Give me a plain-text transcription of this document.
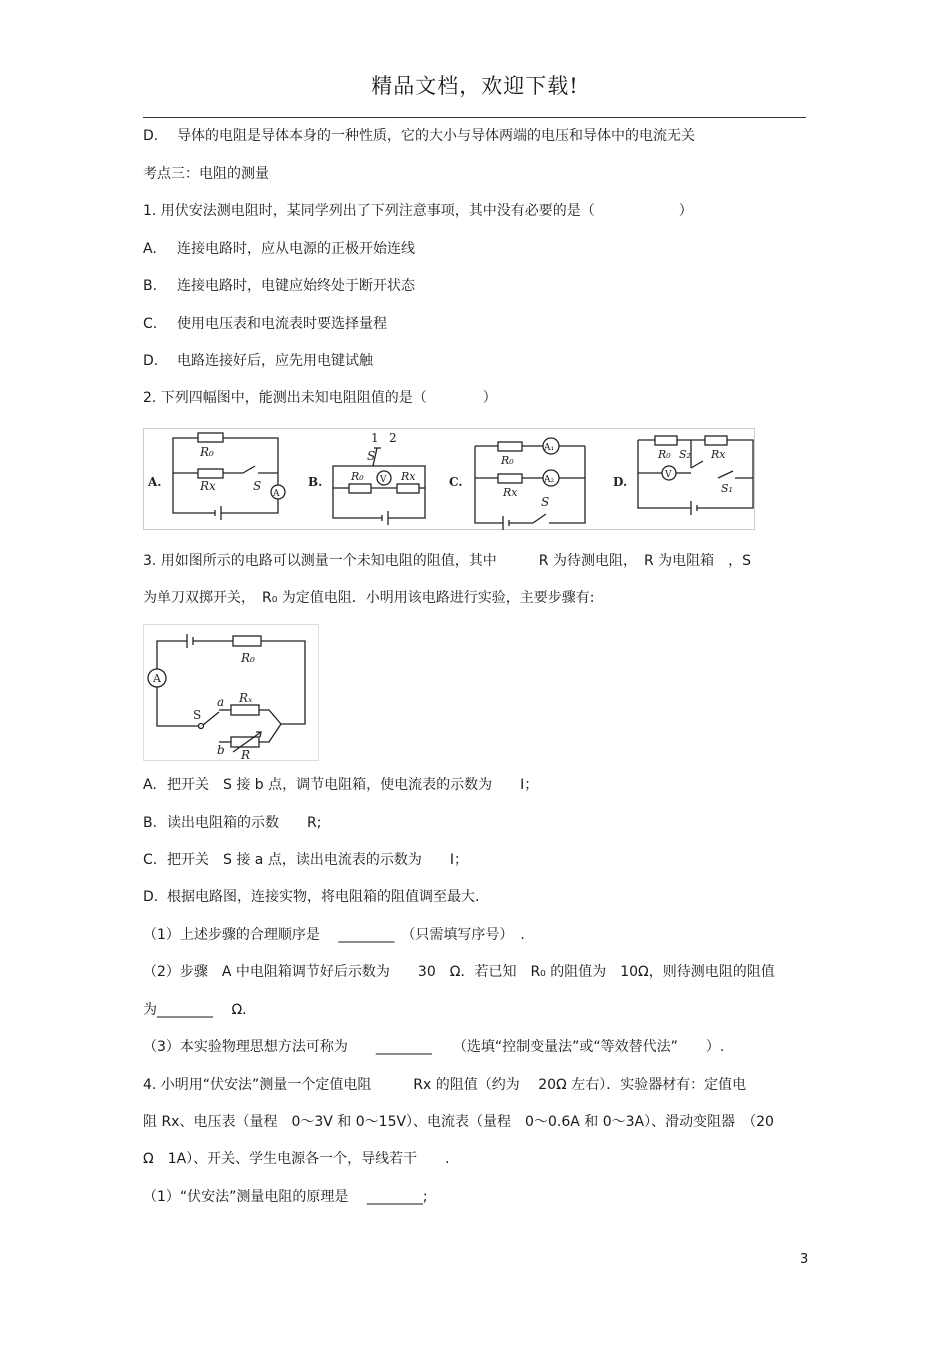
精品文档，欢迎下载!
D. 导体的电阻是导体本身的一种性质，它的大小与导体两端的电压和导体中的电流无关
考点三：电阻的测量
1. 用伏安法测电阻时，某同学列出了下列注意事项，其中没有必要的是（　　　　　　）
A. 连接电路时，应从电源的正极开始连线
B. 连接电路时，电键应始终处于断开状态
C. 使用电压表和电流表时要选择量程
D. 电路连接好后，应先用电键试触
2. 下列四幅图中，能测出未知电阻阻值的是（　　　　）
A.
R₀
Rx	S
A
B.
1 2
S
R₀ V Rx	C.
R₀
A₁
A₂
Rx
S
D.
R₀ S₂ Rx
V
S₁
3. 用如图所示的电路可以测量一个未知电阻的阻值，其中　　　R 为待测电阻，　R 为电阻箱　，S
为单刀双掷开关，　R₀ 为定值电阻．小明用该电路进行实验，主要步骤有:
A
R₀
Rₓ
a
S
b R
A. 把开关　S 接 b 点，调节电阻箱，使电流表的示数为　　I；
B. 读出电阻箱的示数　　R;
C. 把开关　S 接 a 点，读出电流表的示数为　　I；
D. 根据电路图，连接实物，将电阻箱的阻值调至最大.
（1）上述步骤的合理顺序是　 ________　（只需填写序号）　.
（2）步骤　A 中电阻箱调节好后示数为　　30　Ω．若已知　R₀ 的阻值为　10Ω，则待测电阻的阻值
为________　 Ω.
（3）本实验物理思想方法可称为　　________　　（选填“控制变量法”或“等效替代法”　　）.
4. 小明用“伏安法”测量一个定值电阻　　　Rx 的阻值（约为　 20Ω 左右）．实验器材有：定值电
阻 Rx、电压表（量程　0～3V 和 0～15V）、电流表（量程　0～0.6A 和 0～3A）、滑动变阻器　（20
Ω　1A）、开关、学生电源各一个，导线若干　　.
（1）“伏安法”测量电阻的原理是　 ________;
3
